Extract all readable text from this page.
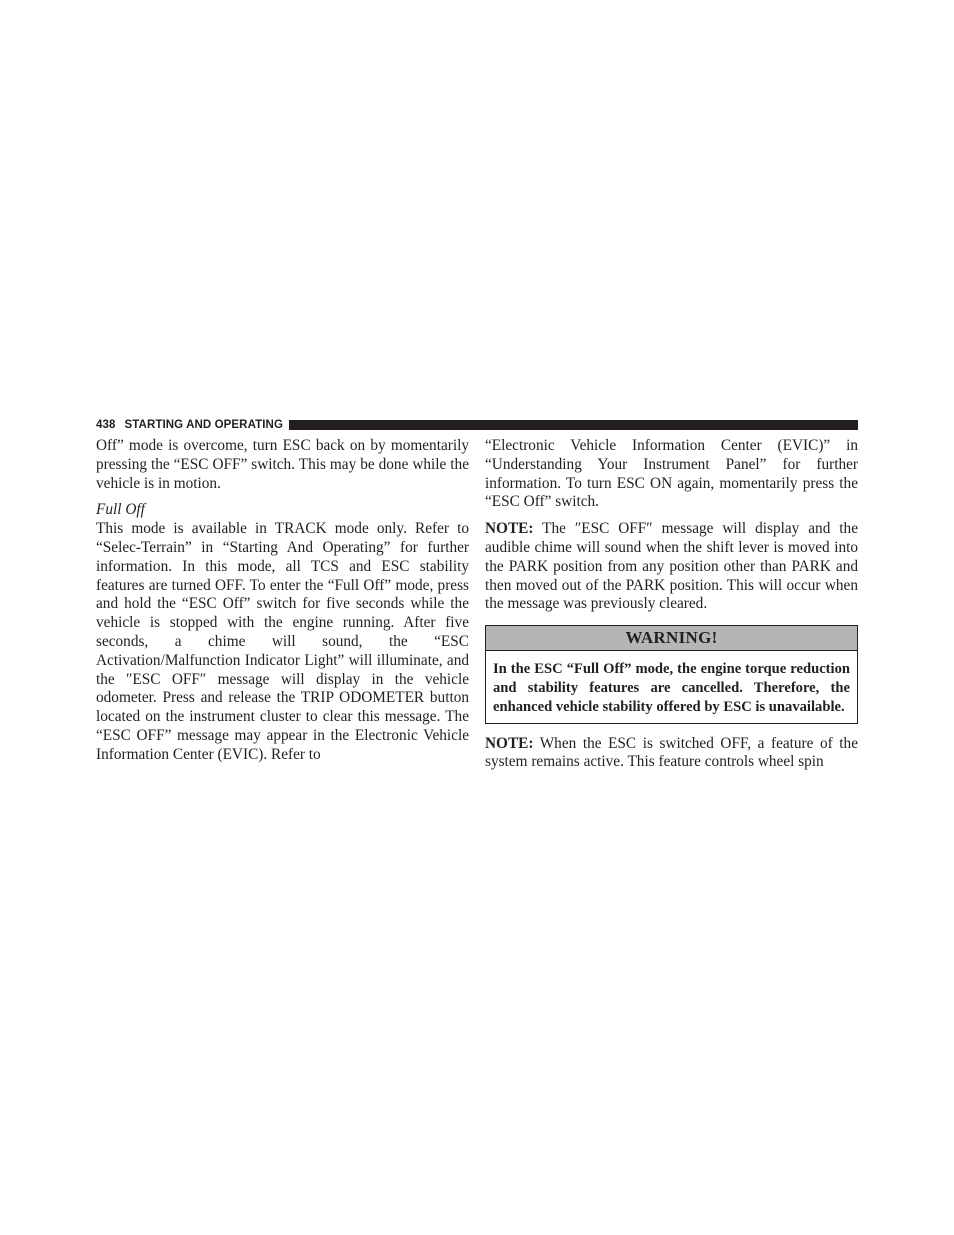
438 STARTING AND OPERATING

Off” mode is overcome, turn ESC back on by momentarily pressing the “ESC OFF” switch. This may be done while the vehicle is in motion.

Full Off

This mode is available in TRACK mode only. Refer to “Selec-Terrain” in “Starting And Operating” for further information. In this mode, all TCS and ESC stability features are turned OFF. To enter the “Full Off” mode, press and hold the “ESC Off” switch for five seconds while the vehicle is stopped with the engine running. After five seconds, a chime will sound, the “ESC Activation/Malfunction Indicator Light” will illuminate, and the ″ESC OFF″ message will display in the vehicle odometer. Press and release the TRIP ODOMETER button located on the instrument cluster to clear this message. The “ESC OFF” message may appear in the Electronic Vehicle Information Center (EVIC). Refer to

“Electronic Vehicle Information Center (EVIC)” in “Understanding Your Instrument Panel” for further information. To turn ESC ON again, momentarily press the “ESC Off” switch.

NOTE: The ″ESC OFF″ message will display and the audible chime will sound when the shift lever is moved into the PARK position from any position other than PARK and then moved out of the PARK position. This will occur when the message was previously cleared.

WARNING!
In the ESC “Full Off” mode, the engine torque reduction and stability features are cancelled. Therefore, the enhanced vehicle stability offered by ESC is unavailable.

NOTE: When the ESC is switched OFF, a feature of the system remains active. This feature controls wheel spin
